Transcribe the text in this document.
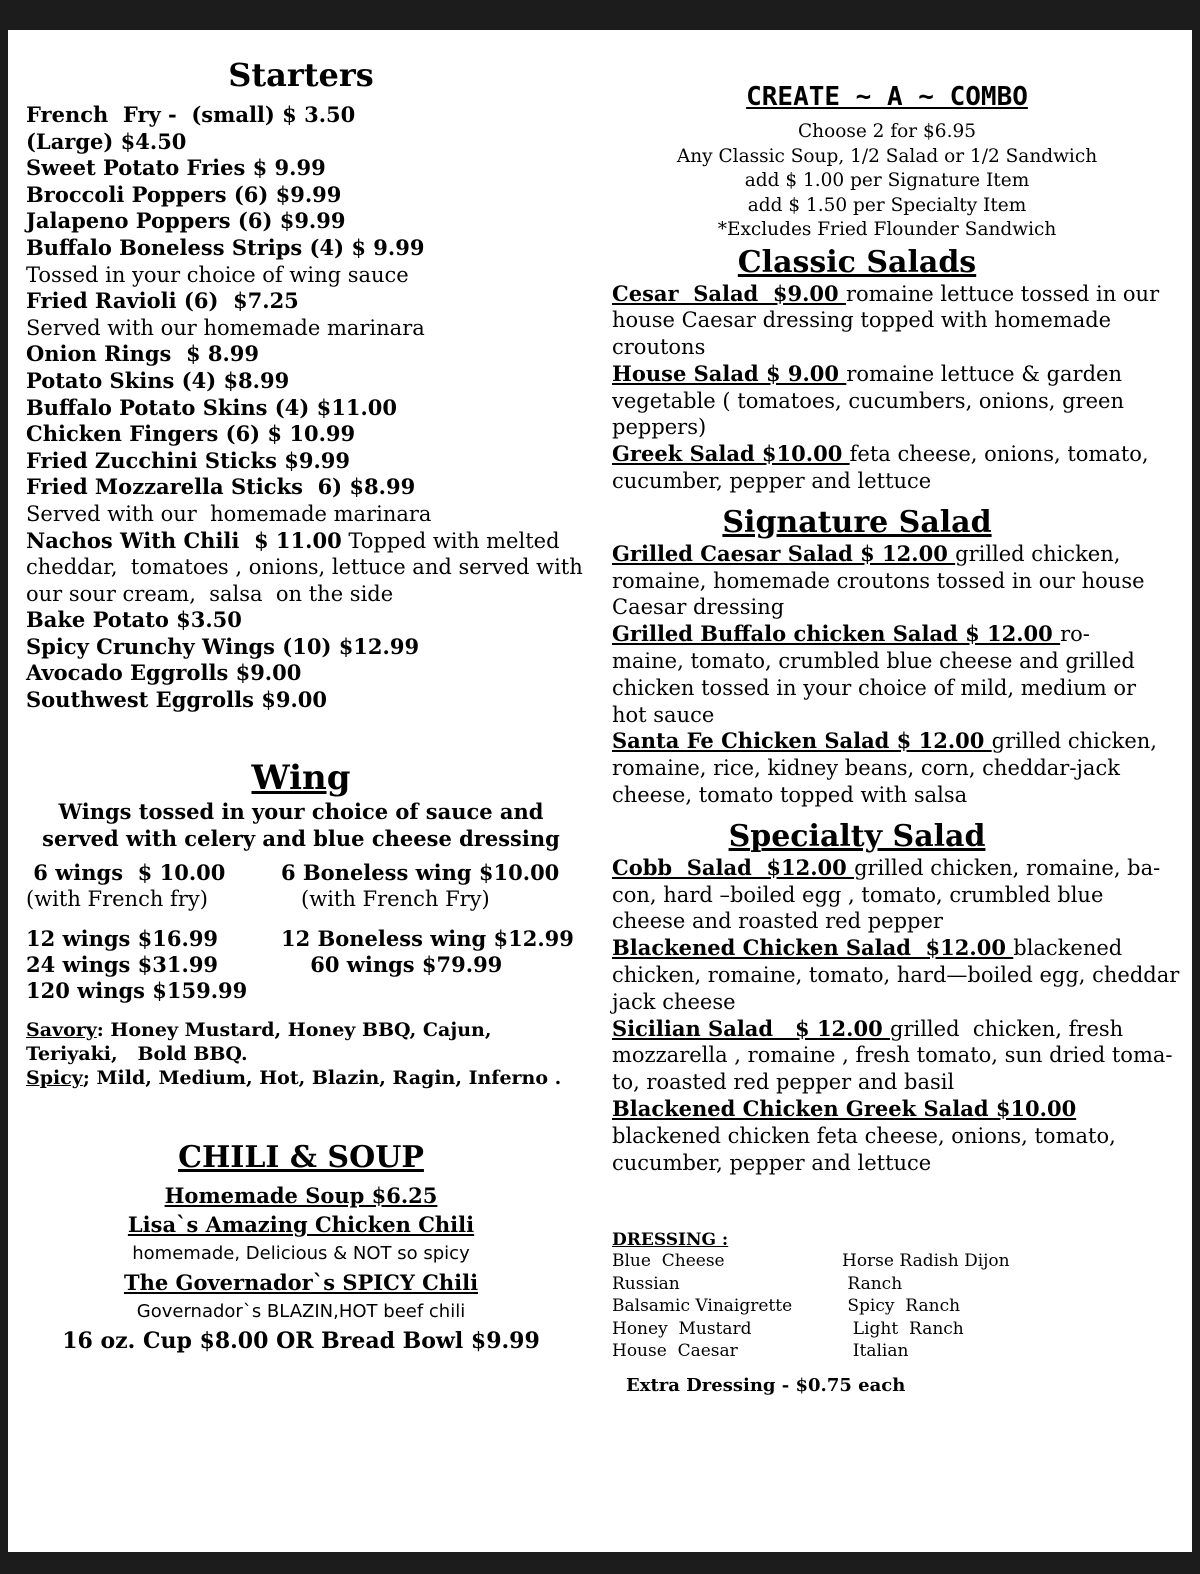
Starters
French  Fry -  (small) $ 3.50
(Large) $4.50
Sweet Potato Fries $ 9.99
Broccoli Poppers (6) $9.99
Jalapeno Poppers (6) $9.99
Buffalo Boneless Strips (4) $ 9.99
Tossed in your choice of wing sauce
Fried Ravioli (6)  $7.25
Served with our homemade marinara
Onion Rings  $ 8.99
Potato Skins (4) $8.99
Buffalo Potato Skins (4) $11.00
Chicken Fingers (6) $ 10.99
Fried Zucchini Sticks $9.99
Fried Mozzarella Sticks  6) $8.99
Served with our  homemade marinara
Nachos With Chili  $ 11.00 Topped with melted
cheddar,  tomatoes , onions, lettuce and served with
our sour cream,  salsa  on the side
Bake Potato $3.50
Spicy Crunchy Wings (10) $12.99
Avocado Eggrolls $9.00
Southwest Eggrolls $9.00
Wing
Wings tossed in your choice of sauce and
served with celery and blue cheese dressing
6 wings  $ 10.00	6 Boneless wing $10.00
(with French fry)	(with French Fry)
12 wings $16.99	12 Boneless wing $12.99
24 wings $31.99	60 wings $79.99
120 wings $159.99
Savory: Honey Mustard, Honey BBQ, Cajun,
Teriyaki,   Bold BBQ.
Spicy; Mild, Medium, Hot, Blazin, Ragin, Inferno .
CHILI & SOUP
Homemade Soup $6.25
Lisa`s Amazing Chicken Chili
homemade, Delicious & NOT so spicy
The Governador`s SPICY Chili
Governador`s BLAZIN,HOT beef chili
16 oz. Cup $8.00 OR Bread Bowl $9.99
CREATE ~ A ~ COMBO
Choose 2 for $6.95
Any Classic Soup, 1/2 Salad or 1/2 Sandwich
add $ 1.00 per Signature Item
add $ 1.50 per Specialty Item
*Excludes Fried Flounder Sandwich
Classic Salads
Cesar  Salad  $9.00 romaine lettuce tossed in our
house Caesar dressing topped with homemade
croutons
House Salad $ 9.00 romaine lettuce & garden
vegetable ( tomatoes, cucumbers, onions, green
peppers)
Greek Salad $10.00 feta cheese, onions, tomato,
cucumber, pepper and lettuce
Signature Salad
Grilled Caesar Salad $ 12.00 grilled chicken,
romaine, homemade croutons tossed in our house
Caesar dressing
Grilled Buffalo chicken Salad $ 12.00 ro-
maine, tomato, crumbled blue cheese and grilled
chicken tossed in your choice of mild, medium or
hot sauce
Santa Fe Chicken Salad $ 12.00 grilled chicken,
romaine, rice, kidney beans, corn, cheddar-jack
cheese, tomato topped with salsa
Specialty Salad
Cobb  Salad  $12.00 grilled chicken, romaine, ba-
con, hard –boiled egg , tomato, crumbled blue
cheese and roasted red pepper
Blackened Chicken Salad  $12.00 blackened
chicken, romaine, tomato, hard—boiled egg, cheddar
jack cheese
Sicilian Salad   $ 12.00 grilled  chicken, fresh
mozzarella , romaine , fresh tomato, sun dried toma-
to, roasted red pepper and basil
Blackened Chicken Greek Salad $10.00
blackened chicken feta cheese, onions, tomato,
cucumber, pepper and lettuce
DRESSING :
Blue  Cheese	Horse Radish Dijon
Russian	Ranch
Balsamic Vinaigrette	Spicy  Ranch
Honey  Mustard	Light  Ranch
House  Caesar	Italian
Extra Dressing - $0.75 each
